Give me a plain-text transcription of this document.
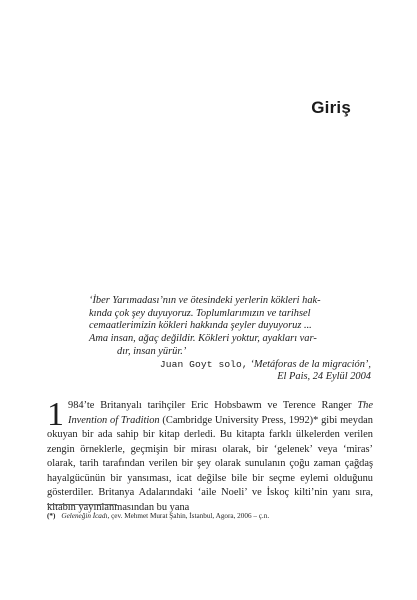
Giriş
‘İber Yarımadası’nın ve ötesindeki yerlerin kökleri hak-
kında çok şey duyuyoruz. Toplumlarımızın ve tarihsel
cemaatlerimizin kökleri hakkında şeyler duyuyoruz ...
Ama insan, ağaç değildir. Kökleri yoktur, ayakları var-
dır, insan yürür.’
Juan Goyt solo, ‘Metáforas de la migración’,
El Pais, 24 Eylül 2004

1 984’te Britanyalı tarihçiler Eric Hobsbawm ve Terence Ranger The Invention of Tradition (Cambridge University Press, 1992)* gibi meydan okuyan bir ada sahip bir kitap derledi. Bu kitapta farklı ülkelerden verilen zengin örneklerle, geçmişin bir mirası olarak, bir ‘gelenek’ veya ‘miras’ olarak, tarih tarafından verilen bir şey olarak sunulanın çoğu zaman çağdaş hayalgücünün bir yansıması, icat değilse bile bir seçme eylemi olduğunu gösterdiler. Britanya Adalarındaki ‘aile Noeli’ ve İskoç kilti’nin yanı sıra, kitabın yayınlanmasından bu yana

(*) Geleneğin İcadı, çev. Mehmet Murat Şahin, İstanbul, Agora, 2006 – ç.n.
